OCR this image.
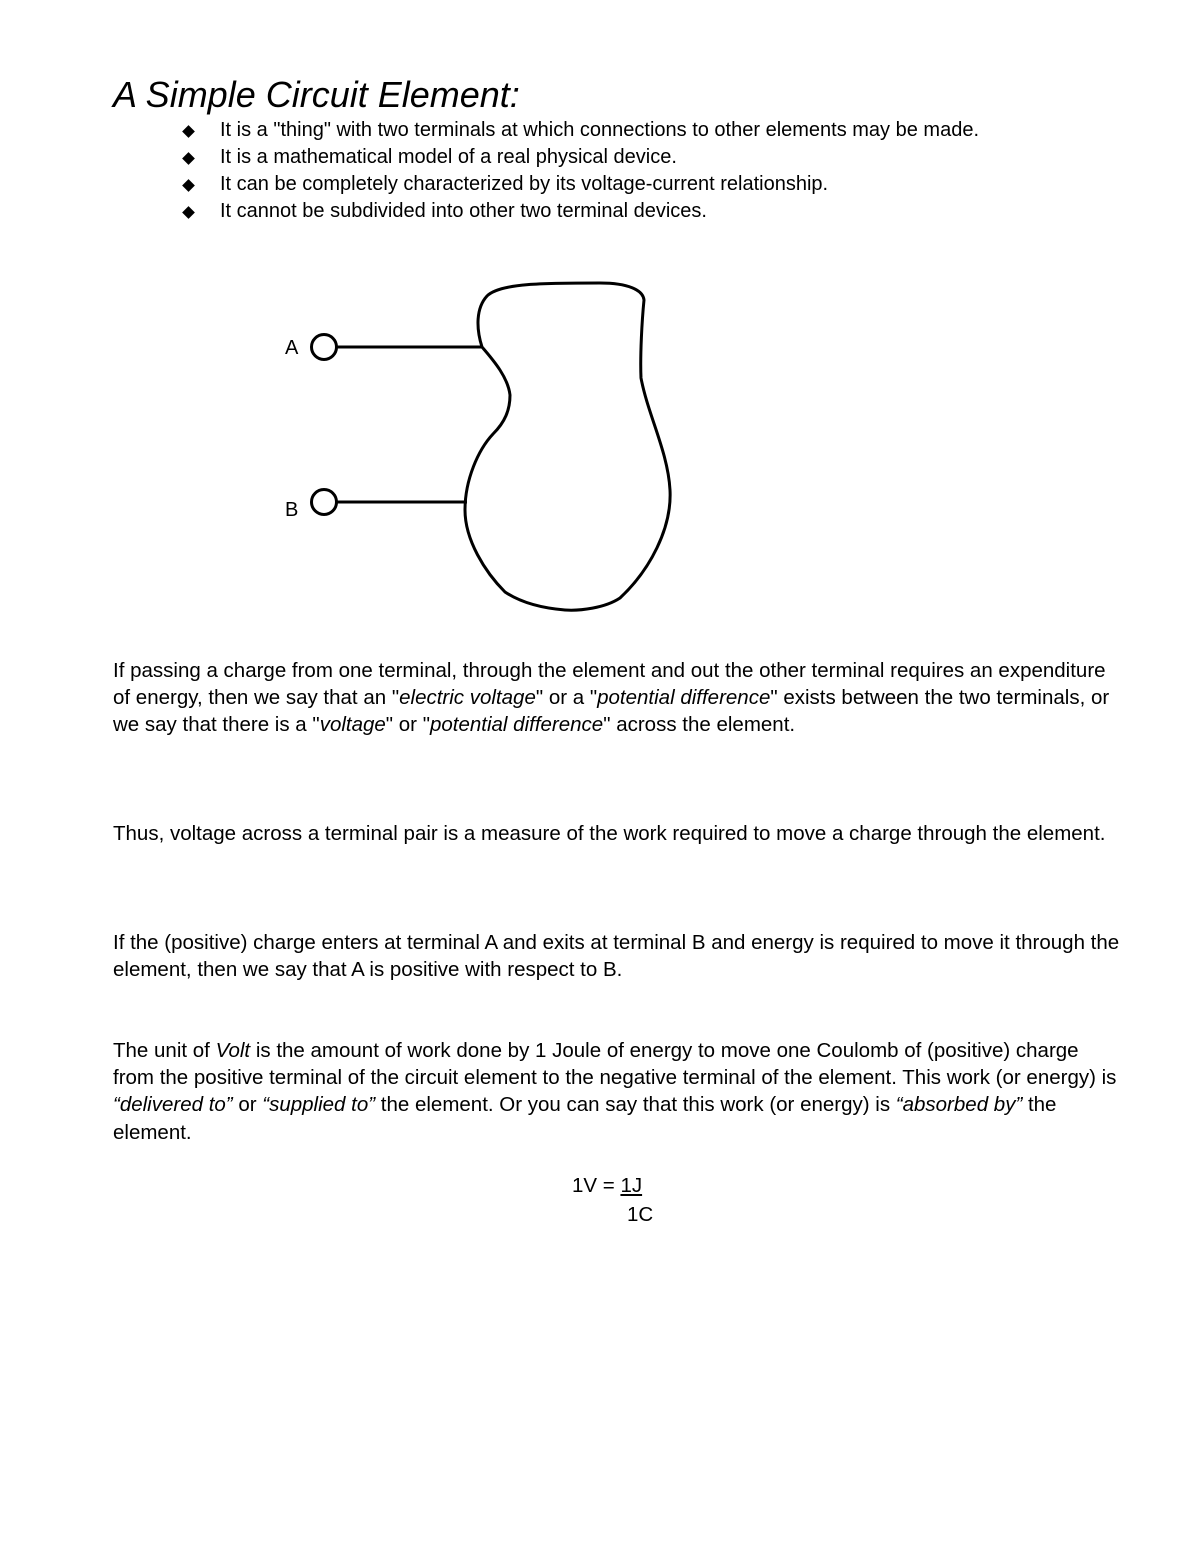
A Simple Circuit Element:
It is a "thing" with two terminals at which connections to other elements may be made.
It is a mathematical model of a real physical device.
It can be completely characterized by its voltage-current relationship.
It cannot be subdivided into other two terminal devices.
A
B

If passing a charge from one terminal, through the element and out the other terminal requires an expenditure of energy, then we say that an "electric voltage" or a "potential difference" exists between the two terminals, or we say that there is a "voltage" or "potential difference" across the element.

Thus, voltage across a terminal pair is a measure of the work required to move a charge through the element.

If the (positive) charge enters at terminal A and exits at terminal B and energy is required to move it through the element, then we say that A is positive with respect to B.

The unit of Volt is the amount of work done by 1 Joule of energy to move one Coulomb of (positive) charge from the positive terminal of the circuit element to the negative terminal of the element. This work (or energy) is “delivered to” or “supplied to” the element. Or you can say that this work (or energy) is “absorbed by” the element.

1V = 1J
1C
